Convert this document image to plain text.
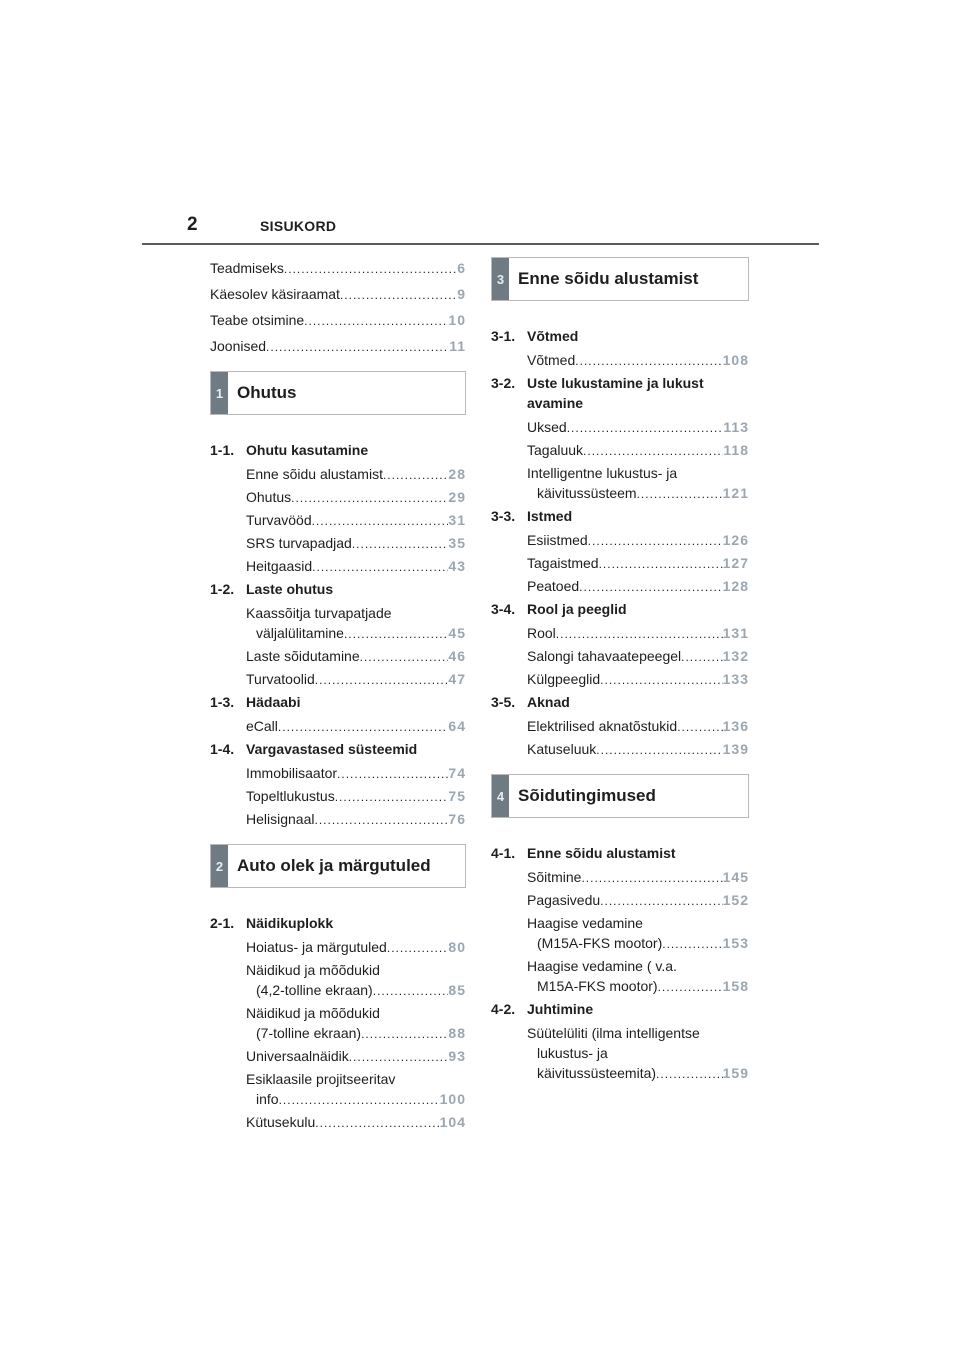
2	SISUKORD
Teadmiseks .....	6
Käesolev käsiraamat .....	9
Teabe otsimine .....	10
Joonised .....	11
1 Ohutus
1-1. Ohutu kasutamine
Enne sõidu alustamist .....	28
Ohutus .....	29
Turvavööd .....	31
SRS turvapadjad .....	35
Heitgaasid .....	43
1-2. Laste ohutus
Kaassõitja turvapatjade
väljalülitamine .....	45
Laste sõidutamine .....	46
Turvatoolid .....	47
1-3. Hädaabi
eCall .....	64
1-4. Vargavastased süsteemid
Immobilisaator .....	74
Topeltlukustus .....	75
Helisignaal .....	76
2 Auto olek ja märgutuled
2-1. Näidikuplokk
Hoiatus- ja märgutuled .....	80
Näidikud ja mõõdukid
(4,2-tolline ekraan) .....	85
Näidikud ja mõõdukid
(7-tolline ekraan) .....	88
Universaalnäidik .....	93
Esiklaasile projitseeritav
info .....	100
Kütusekulu .....	104
3 Enne sõidu alustamist
3-1. Võtmed
Võtmed .....	108
3-2. Uste lukustamine ja lukust
avamine
Uksed .....	113
Tagaluuk .....	118
Intelligentne lukustus- ja
käivitussüsteem .....	121
3-3. Istmed
Esiistmed .....	126
Tagaistmed .....	127
Peatoed .....	128
3-4. Rool ja peeglid
Rool .....	131
Salongi tahavaatepeegel .....	132
Külgpeeglid .....	133
3-5. Aknad
Elektrilised aknatõstukid .....	136
Katuseluuk .....	139
4 Sõidutingimused
4-1. Enne sõidu alustamist
Sõitmine .....	145
Pagasivedu .....	152
Haagise vedamine
(M15A-FKS mootor) .....	153
Haagise vedamine ( v.a.
M15A-FKS mootor) .....	158
4-2. Juhtimine
Süütelüliti (ilma intelligentse
lukustus- ja
käivitussüsteemita) .....	159
